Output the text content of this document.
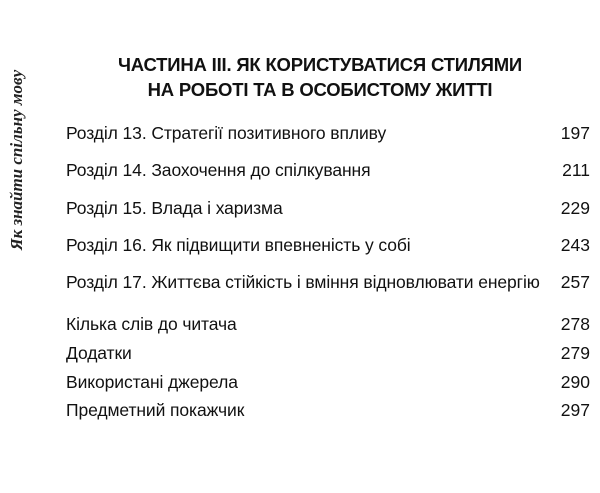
Як знайти спільну мову
ЧАСТИНА ІІІ. ЯК КОРИСТУВАТИСЯ СТИЛЯМИ
НА РОБОТІ ТА В ОСОБИСТОМУ ЖИТТІ
Розділ 13. Стратегії позитивного впливу	197
Розділ 14. Заохочення до спілкування	211
Розділ 15. Влада і харизма	229
Розділ 16. Як підвищити впевненість у собі	243
Розділ 17. Життєва стійкість і вміння відновлювати енергію 257
Кілька слів до читача	278
Додатки	279
Використані джерела	290
Предметний покажчик	297
